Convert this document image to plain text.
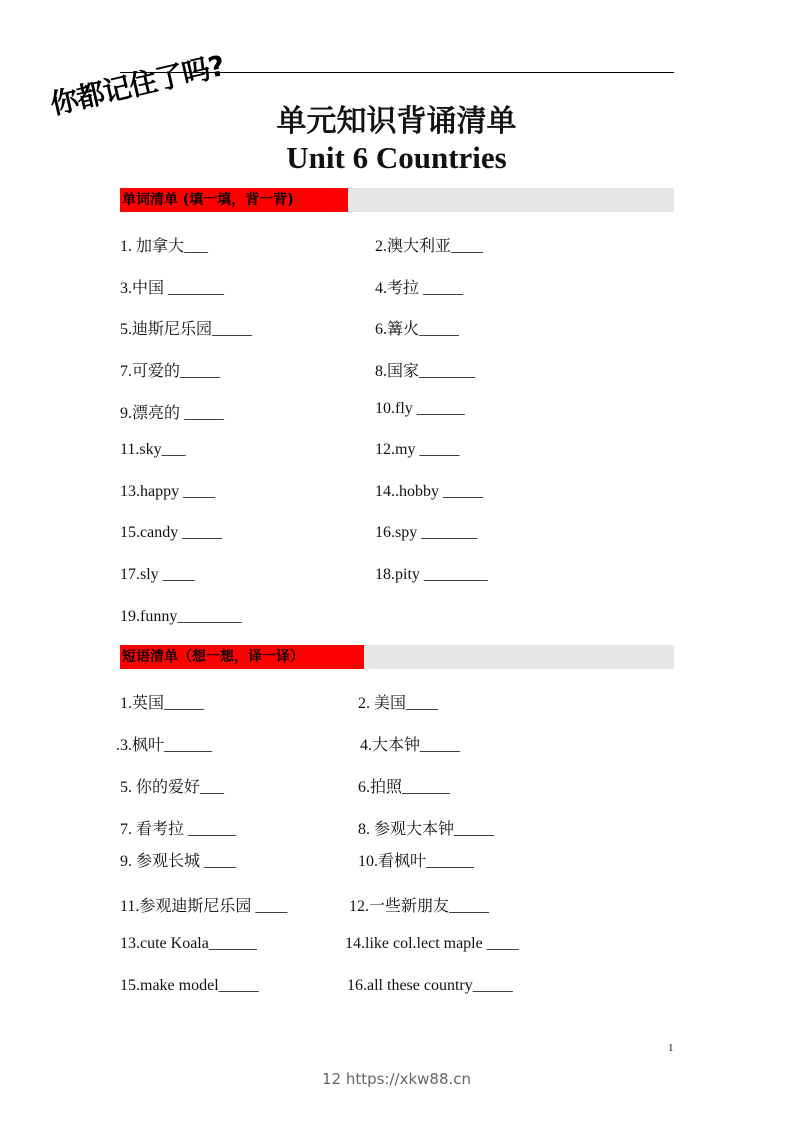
你都记住了吗?
单元知识背诵清单
Unit 6 Countries
单词清单 (填一填，背一背)
1. 加拿大___	2.澳大利亚____
3.中国 _______	4.考拉 _____
5.迪斯尼乐园_____	6.篝火_____
7.可爱的_____	8.国家_______
9.漂亮的 _____	10.fly ______
11.sky___	12.my _____
13.happy ____	14..hobby _____
15.candy _____	16.spy _______
17.sly ____	18.pity ________
19.funny________
短语清单（想一想，译一译）
1.英国_____	2. 美国____
.3.枫叶______	4.大本钟_____
5. 你的爱好___	6.拍照______
7. 看考拉 ______	8. 参观大本钟_____
9. 参观长城 ____	10.看枫叶______
11.参观迪斯尼乐园 ____	12.一些新朋友_____
13.cute Koala______	14.like col.lect maple ____
15.make model_____	16.all these country_____
1
12 https://xkw88.cn
